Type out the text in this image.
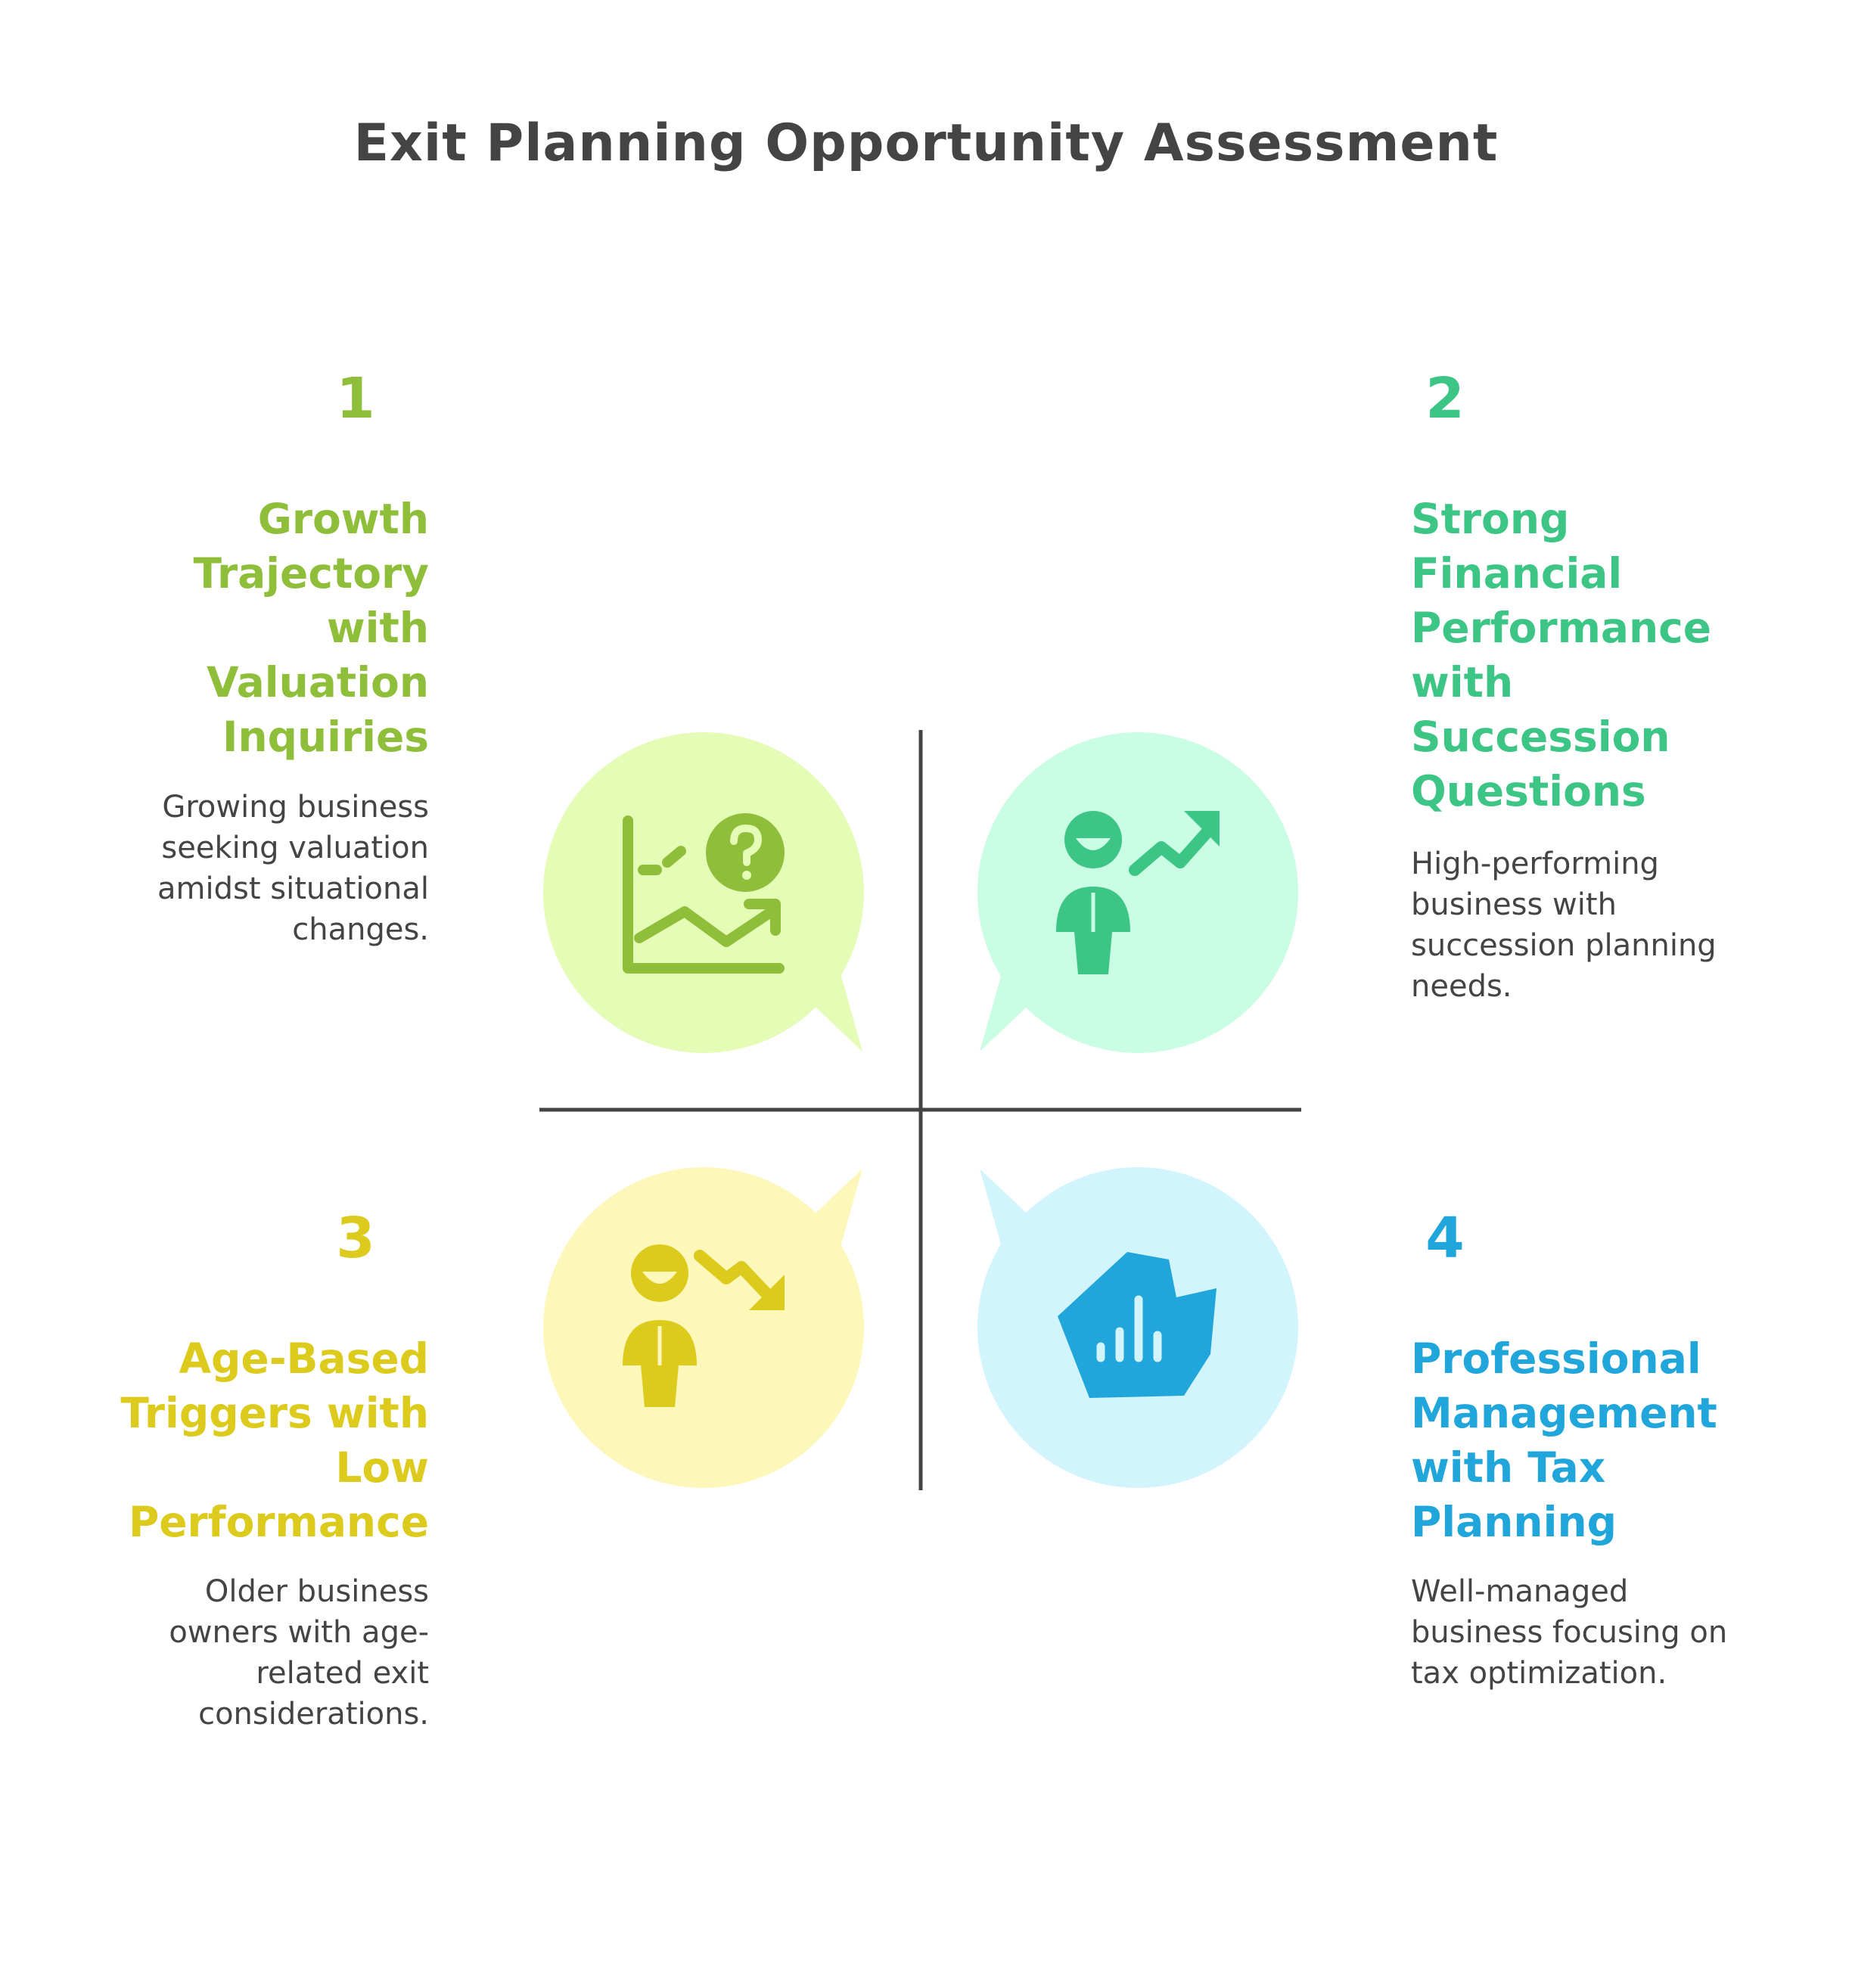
Exit Planning Opportunity Assessment
1
Growth Trajectory with Valuation Inquiries
Growing business seeking valuation amidst situational changes.
2
Strong Financial Performance with Succession Questions
High-performing business with succession planning needs.
3
Age-Based Triggers with Low Performance
Older business owners with age-related exit considerations.
4
Professional Management with Tax Planning
Well-managed business focusing on tax optimization.
